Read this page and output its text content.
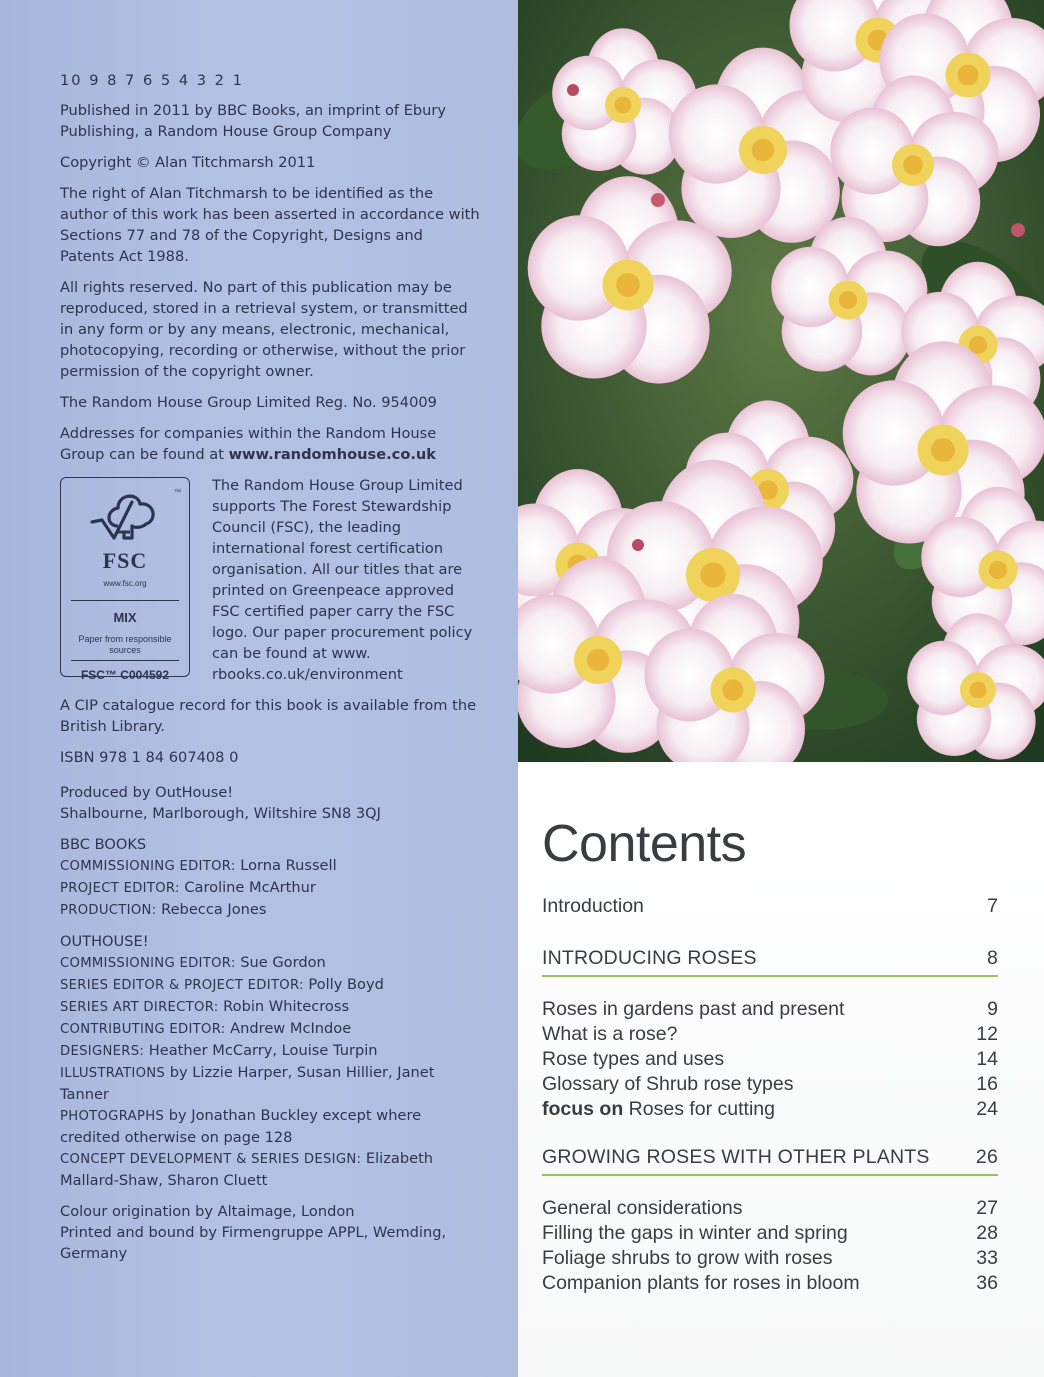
10 9 8 7 6 5 4 3 2 1

Published in 2011 by BBC Books, an imprint of Ebury Publishing, a Random House Group Company

Copyright © Alan Titchmarsh 2011

The right of Alan Titchmarsh to be identified as the author of this work has been asserted in accordance with Sections 77 and 78 of the Copyright, Designs and Patents Act 1988.

All rights reserved. No part of this publication may be reproduced, stored in a retrieval system, or transmitted in any form or by any means, electronic, mechanical, photocopying, recording or otherwise, without the prior permission of the copyright owner.

The Random House Group Limited Reg. No. 954009

Addresses for companies within the Random House Group can be found at www.randomhouse.co.uk

™
FSC
www.fsc.org
MIX
Paper from responsible sources
FSC™ C004592
The Random House Group Limited supports The Forest Stewardship Council (FSC), the leading international forest certification organisation. All our titles that are printed on Greenpeace approved FSC certified paper carry the FSC logo. Our paper procurement policy can be found at www. rbooks.co.uk/environment

A CIP catalogue record for this book is available from the British Library.

ISBN 978 1 84 607408 0

Produced by OutHouse!
Shalbourne, Marlborough, Wiltshire SN8 3QJ

BBC BOOKS

COMMISSIONING EDITOR: Lorna Russell

PROJECT EDITOR: Caroline McArthur

PRODUCTION: Rebecca Jones

OUTHOUSE!

COMMISSIONING EDITOR: Sue Gordon

SERIES EDITOR & PROJECT EDITOR: Polly Boyd

SERIES ART DIRECTOR: Robin Whitecross

CONTRIBUTING EDITOR: Andrew McIndoe

DESIGNERS: Heather McCarry, Louise Turpin

ILLUSTRATIONS by Lizzie Harper, Susan Hillier, Janet Tanner

PHOTOGRAPHS by Jonathan Buckley except where credited otherwise on page 128

CONCEPT DEVELOPMENT & SERIES DESIGN: Elizabeth Mallard-Shaw, Sharon Cluett

Colour origination by Altaimage, London
Printed and bound by Firmengruppe APPL, Wemding, Germany

Contents
Introduction	7
INTRODUCING ROSES	8
Roses in gardens past and present	9
What is a rose?	12
Rose types and uses	14
Glossary of Shrub rose types	16
focus on Roses for cutting	24
GROWING ROSES WITH OTHER PLANTS 26
General considerations	27
Filling the gaps in winter and spring	28
Foliage shrubs to grow with roses	33
Companion plants for roses in bloom	36
